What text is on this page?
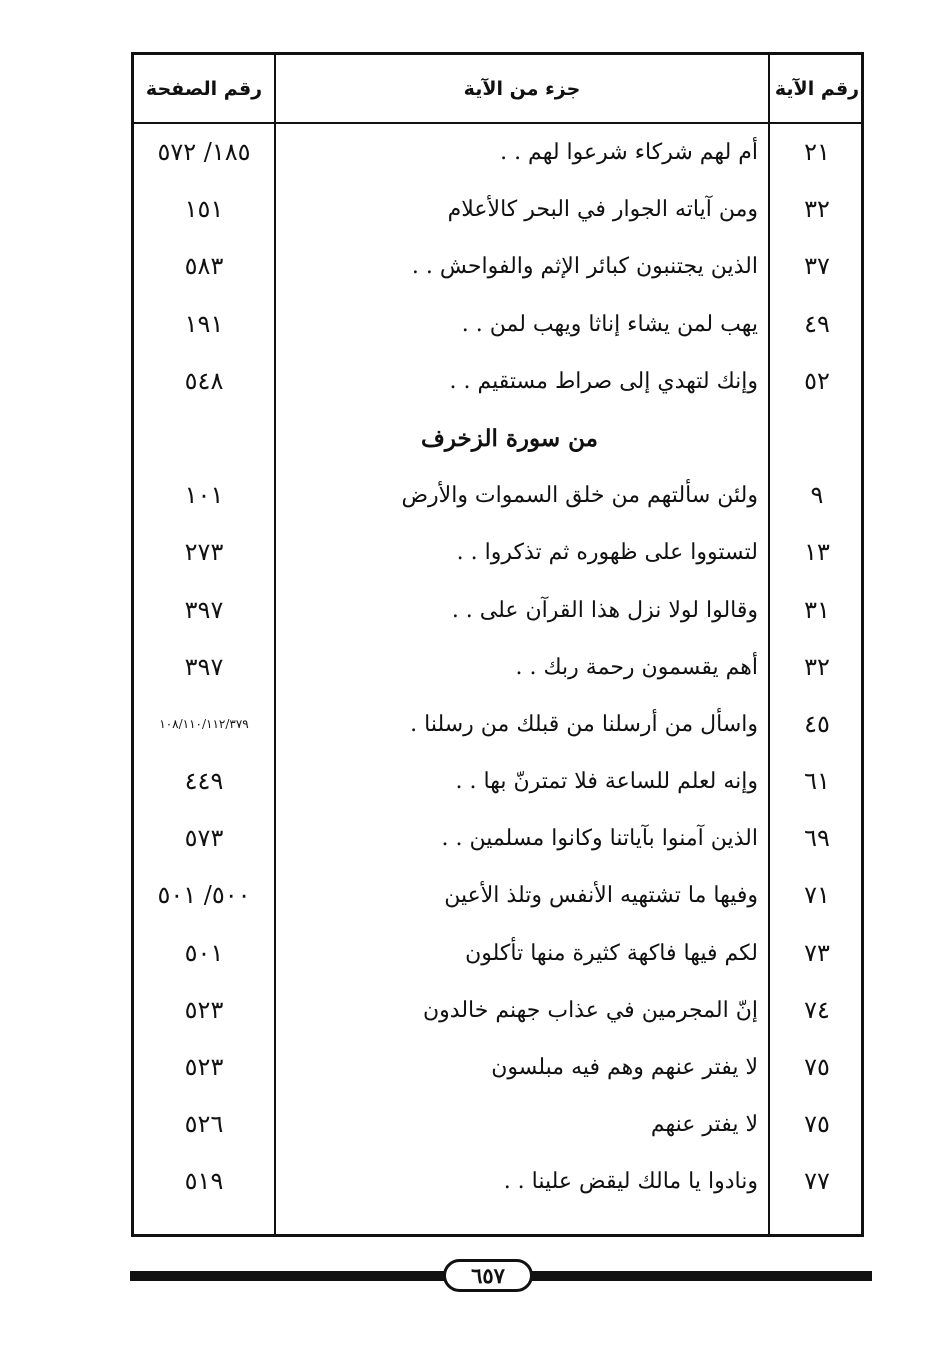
رقم الصفحة	جزء من الآية	رقم الآية
٢١
أم لهم شركاء شرعوا لهم . .
١٨٥/ ٥٧٢
٣٢
ومن آياته الجوار في البحر كالأعلام
١٥١
٣٧
الذين يجتنبون كبائر الإثم والفواحش . .
٥٨٣
٤٩
يهب لمن يشاء إناثا ويهب لمن . .
١٩١
٥٢
وإنك لتهدي إلى صراط مستقيم . .
٥٤٨
من سورة الزخرف
٩
ولئن سألتهم من خلق السموات والأرض
١٠١
١٣
لتستووا على ظهوره ثم تذكروا . .
٢٧٣
٣١
وقالوا لولا نزل هذا القرآن على . .
٣٩٧
٣٢
أهم يقسمون رحمة ربك . .
٣٩٧
٤٥
واسأل من أرسلنا من قبلك من رسلنا .
١٠٨/١١٠/١١٢/٣٧٩
٦١
وإنه لعلم للساعة فلا تمترنّ بها . .
٤٤٩
٦٩
الذين آمنوا بآياتنا وكانوا مسلمين . .
٥٧٣
٧١
وفيها ما تشتهيه الأنفس وتلذ الأعين
٥٠٠/ ٥٠١
٧٣
لكم فيها فاكهة كثيرة منها تأكلون
٥٠١
٧٤
إنّ المجرمين في عذاب جهنم خالدون
٥٢٣
٧٥
لا يفتر عنهم وهم فيه مبلسون
٥٢٣
٧٥
لا يفتر عنهم
٥٢٦
٧٧
ونادوا يا مالك ليقض علينا . .
٥١٩
٦٥٧
